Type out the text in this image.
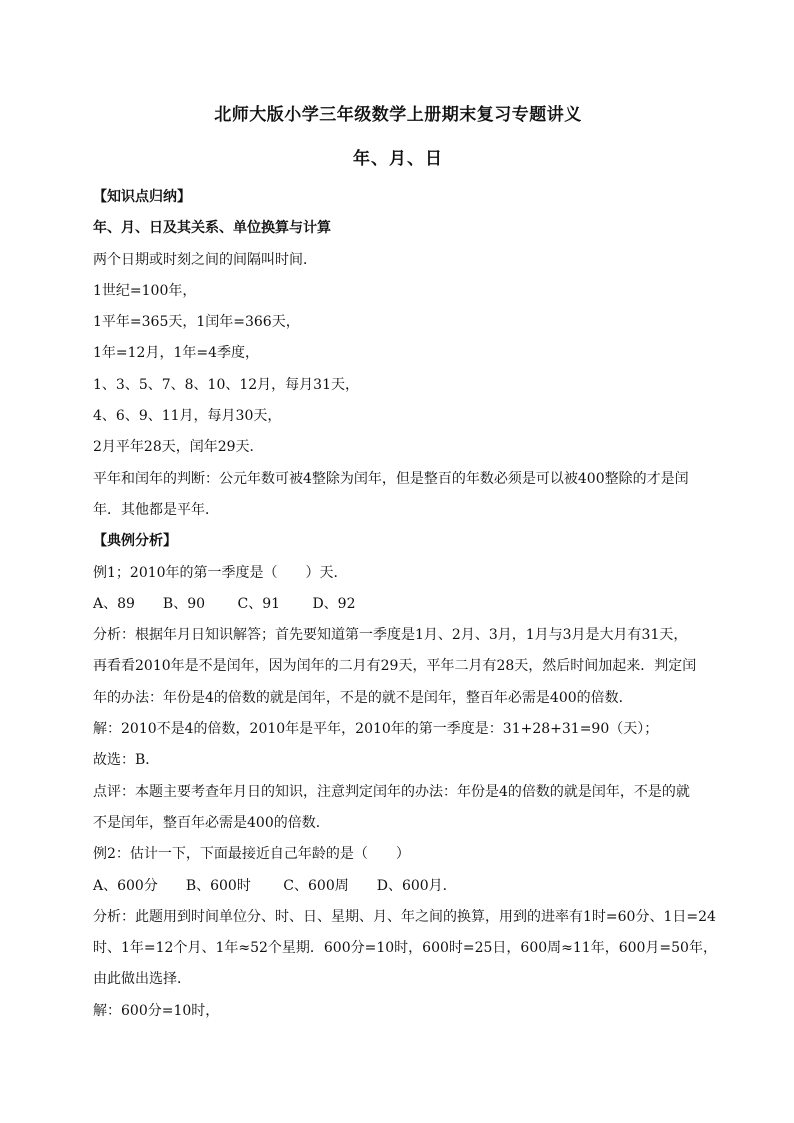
北师大版小学三年级数学上册期末复习专题讲义
年、月、日

【知识点归纳】

年、月、日及其关系、单位换算与计算

两个日期或时刻之间的间隔叫时间．

1世纪=100年，

1平年=365天，1闰年=366天，

1年=12月，1年=4季度，

1、3、5、7、8、10、12月，每月31天，

4、6、9、11月，每月30天，

2月平年28天，闰年29天．

平年和闰年的判断：公元年数可被4整除为闰年，但是整百的年数必须是可以被400整除的才是闰

年．其他都是平年．

【典例分析】

例1；2010年的第一季度是（　　）天．

A、89　　B、90　　 C、91　　 D、92

分析：根据年月日知识解答；首先要知道第一季度是1月、2月、3月，1月与3月是大月有31天，

再看看2010年是不是闰年，因为闰年的二月有29天，平年二月有28天，然后时间加起来．判定闰

年的办法：年份是4的倍数的就是闰年，不是的就不是闰年，整百年必需是400的倍数．

解：2010不是4的倍数，2010年是平年，2010年的第一季度是：31+28+31=90（天）；

故选：B．

点评：本题主要考查年月日的知识，注意判定闰年的办法：年份是4的倍数的就是闰年，不是的就

不是闰年，整百年必需是400的倍数．

例2：估计一下，下面最接近自己年龄的是（　　）

A、600分　　B、600时　　 C、600周　　D、600月．

分析：此题用到时间单位分、时、日、星期、月、年之间的换算，用到的进率有1时=60分、1日=24

时、1年=12个月、1年≈52个星期．600分=10时，600时=25日，600周≈11年，600月=50年，

由此做出选择．

解：600分=10时，
